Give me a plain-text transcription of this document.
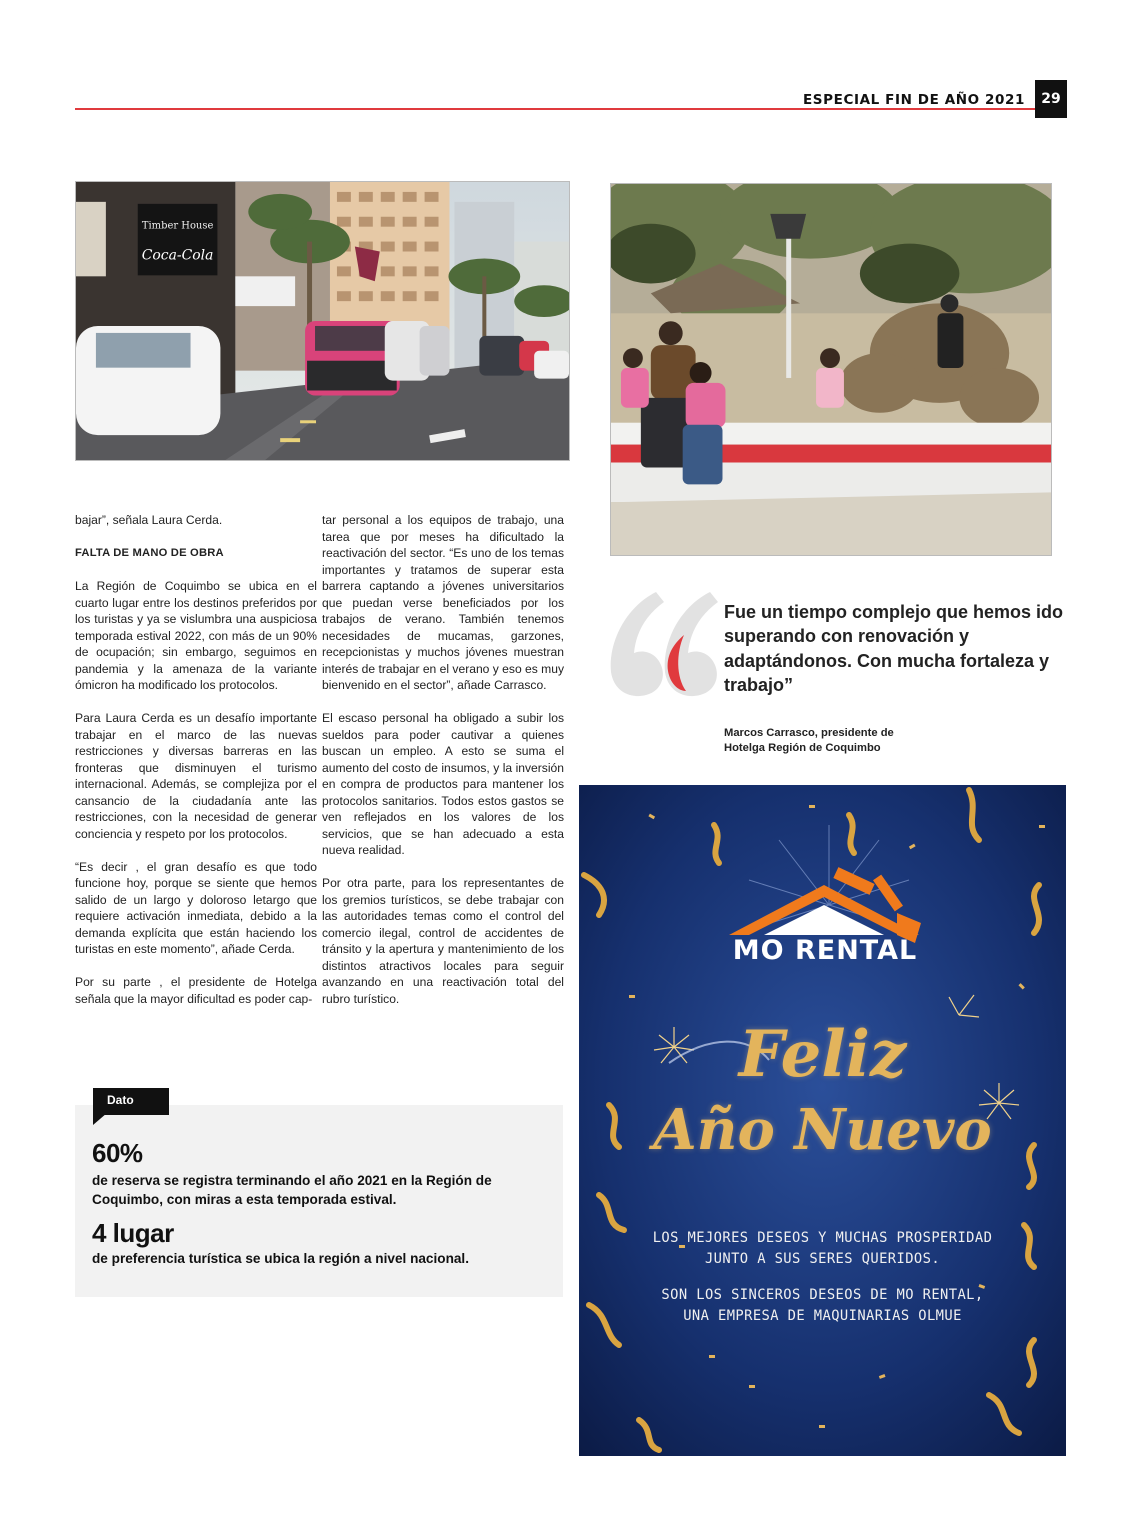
ESPECIAL FIN DE AÑO 2021	29
Timber House
Coca-Cola

bajar”, señala Laura Cerda.

FALTA DE MANO DE OBRA

La Región de Coquimbo se ubica en el cuarto lugar entre los destinos preferidos por los turistas y ya se vislumbra una auspiciosa temporada estival 2022, con más de un 90% de ocupación; sin embargo, seguimos en pandemia y la amenaza de la variante ómicron ha modificado los protocolos.

Para Laura Cerda es un desafío importante trabajar en el marco de las nuevas restricciones y diversas barreras en las fronteras que disminuyen el turismo internacional. Además, se complejiza por el cansancio de la ciudadanía ante las restricciones, con la necesidad de generar conciencia y respeto por los protocolos.

“Es decir , el gran desafío es que todo funcione hoy, porque se siente que hemos salido de un largo y doloroso letargo que requiere activación inmediata, debido a la demanda explícita que están haciendo los turistas en este momento”, añade Cerda.

Por su parte , el presidente de Hotelga señala que la mayor dificultad es poder cap-

tar personal a los equipos de trabajo, una tarea que por meses ha dificultado la reactivación del sector. “Es uno de los temas importantes y tratamos de superar esta barrera captando a jóvenes universitarios que puedan verse beneficiados por los trabajos de verano. También tenemos necesidades de mucamas, garzones, recepcionistas y muchos jóvenes muestran interés de trabajar en el verano y eso es muy bienvenido en el sector”, añade Carrasco.

El escaso personal ha obligado a subir los sueldos para poder cautivar a quienes buscan un empleo. A esto se suma el aumento del costo de insumos, y la inversión en compra de productos para mantener los protocolos sanitarios. Todos estos gastos se ven reflejados en los valores de los servicios, que se han adecuado a esta nueva realidad.

Por otra parte, para los representantes de los gremios turísticos, se debe trabajar con las autoridades temas como el control del comercio ilegal, control de accidentes de tránsito y la apertura y mantenimiento de los distintos atractivos locales para seguir avanzando en una reactivación total del rubro turístico.

Fue un tiempo complejo que hemos ido superando con renovación y adaptándonos. Con mucha fortaleza y trabajo”
Marcos Carrasco, presidente de
Hotelga Región de Coquimbo
Dato
60%
de reserva se registra terminando el año 2021 en la Región de Coquimbo, con miras a esta temporada estival.
4 lugar
de preferencia turística se ubica la región a nivel nacional.
MO RENTAL
Feliz
Año Nuevo
LOS MEJORES DESEOS Y MUCHAS PROSPERIDAD
JUNTO A SUS SERES QUERIDOS.
SON LOS SINCEROS DESEOS DE MO RENTAL,
UNA EMPRESA DE MAQUINARIAS OLMUE
